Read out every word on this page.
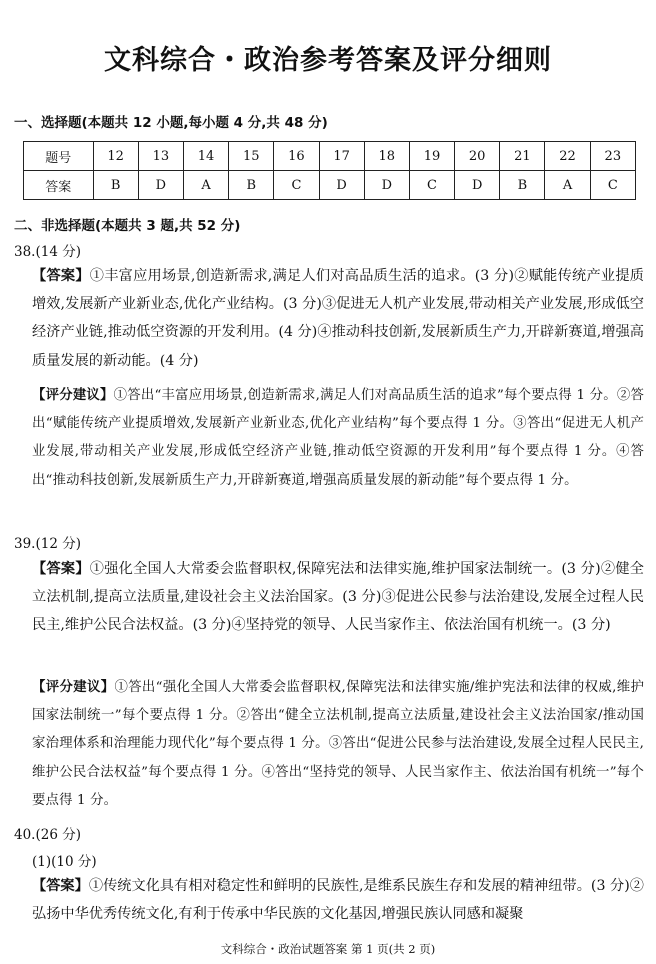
文科综合・政治参考答案及评分细则
一、选择题(本题共 12 小题,每小题 4 分,共 48 分)
题号	12	13	14	15	16	17	18	19	20	21	22	23
答案	B	D	A	B	C	D	D	C	D	B	A	C
二、非选择题(本题共 3 题,共 52 分)
38.(14 分)
【答案】①丰富应用场景,创造新需求,满足人们对高品质生活的追求。(3 分)②赋能传统产业提质增效,发展新产业新业态,优化产业结构。(3 分)③促进无人机产业发展,带动相关产业发展,形成低空经济产业链,推动低空资源的开发利用。(4 分)④推动科技创新,发展新质生产力,开辟新赛道,增强高质量发展的新动能。(4 分)
【评分建议】①答出“丰富应用场景,创造新需求,满足人们对高品质生活的追求”每个要点得 1 分。②答出“赋能传统产业提质增效,发展新产业新业态,优化产业结构”每个要点得 1 分。③答出“促进无人机产业发展,带动相关产业发展,形成低空经济产业链,推动低空资源的开发利用”每个要点得 1 分。④答出“推动科技创新,发展新质生产力,开辟新赛道,增强高质量发展的新动能”每个要点得 1 分。
39.(12 分)
【答案】①强化全国人大常委会监督职权,保障宪法和法律实施,维护国家法制统一。(3 分)②健全立法机制,提高立法质量,建设社会主义法治国家。(3 分)③促进公民参与法治建设,发展全过程人民民主,维护公民合法权益。(3 分)④坚持党的领导、人民当家作主、依法治国有机统一。(3 分)
【评分建议】①答出“强化全国人大常委会监督职权,保障宪法和法律实施/维护宪法和法律的权威,维护国家法制统一”每个要点得 1 分。②答出“健全立法机制,提高立法质量,建设社会主义法治国家/推动国家治理体系和治理能力现代化”每个要点得 1 分。③答出“促进公民参与法治建设,发展全过程人民民主,维护公民合法权益”每个要点得 1 分。④答出“坚持党的领导、人民当家作主、依法治国有机统一”每个要点得 1 分。
40.(26 分)
(1)(10 分)
【答案】①传统文化具有相对稳定性和鲜明的民族性,是维系民族生存和发展的精神纽带。(3 分)②弘扬中华优秀传统文化,有利于传承中华民族的文化基因,增强民族认同感和凝聚
文科综合・政治试题答案 第 1 页(共 2 页)
